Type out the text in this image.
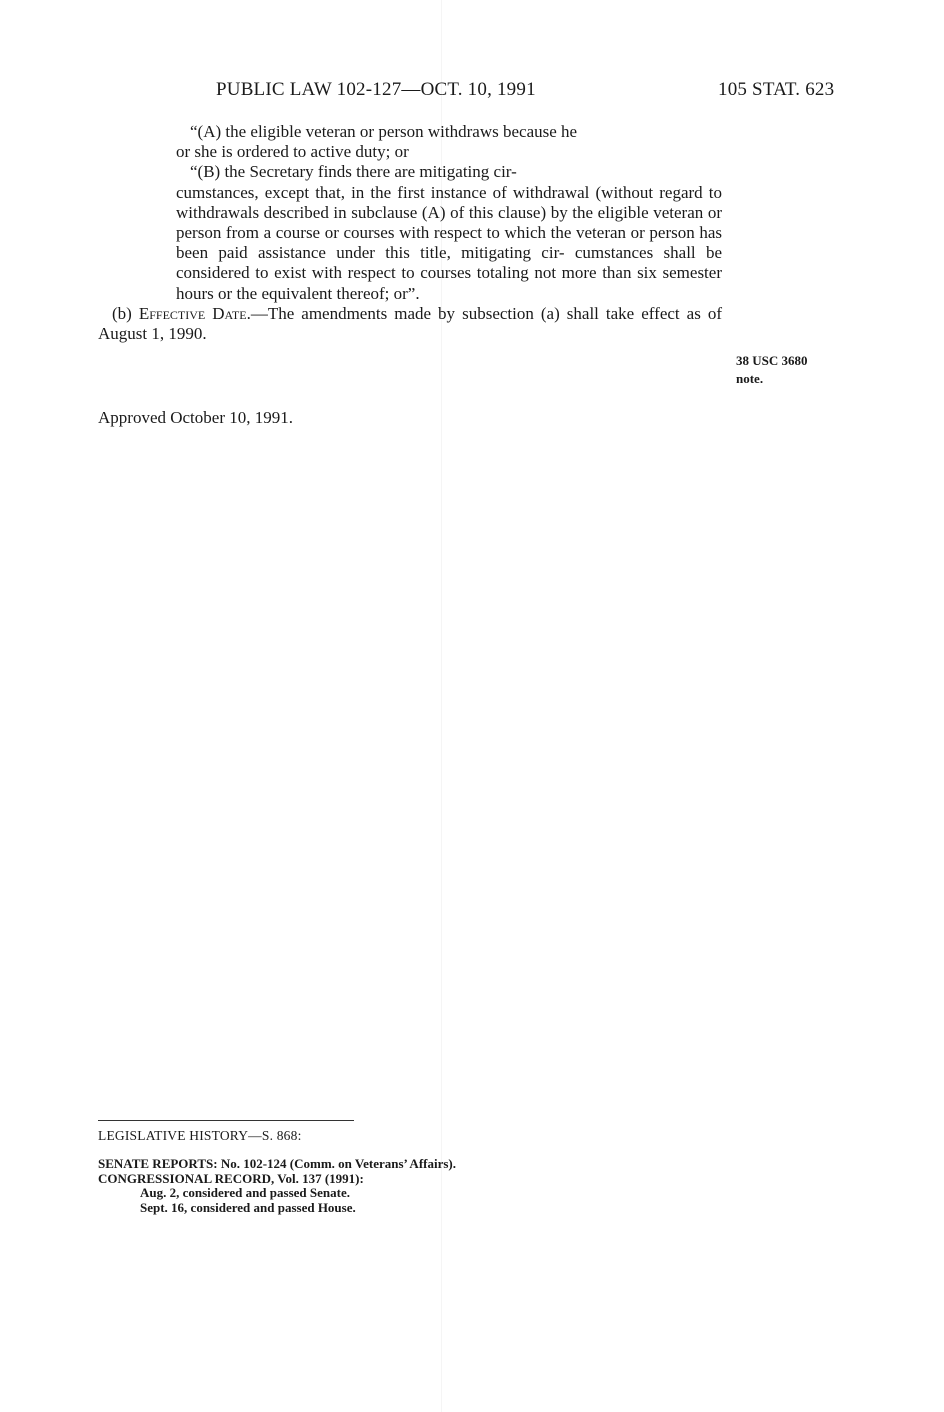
PUBLIC LAW 102-127—OCT. 10, 1991	105 STAT. 623

“(A) the eligible veteran or person withdraws because he
or she is ordered to active duty; or

“(B) the Secretary finds there are mitigating cir-
cumstances, except that, in the first instance of withdrawal (without regard to withdrawals described in subclause (A) of this clause) by the eligible veteran or person from a course or courses with respect to which the veteran or person has been paid assistance under this title, mitigating cir- cumstances shall be considered to exist with respect to courses totaling not more than six semester hours or the equivalent thereof; or”.

(b) Effective Date.—The amendments made by subsection (a) shall take effect as of August 1, 1990.

38 USC 3680
note.
Approved October 10, 1991.
LEGISLATIVE HISTORY—S. 868:
SENATE REPORTS: No. 102-124 (Comm. on Veterans’ Affairs).
CONGRESSIONAL RECORD, Vol. 137 (1991):
Aug. 2, considered and passed Senate.
Sept. 16, considered and passed House.
